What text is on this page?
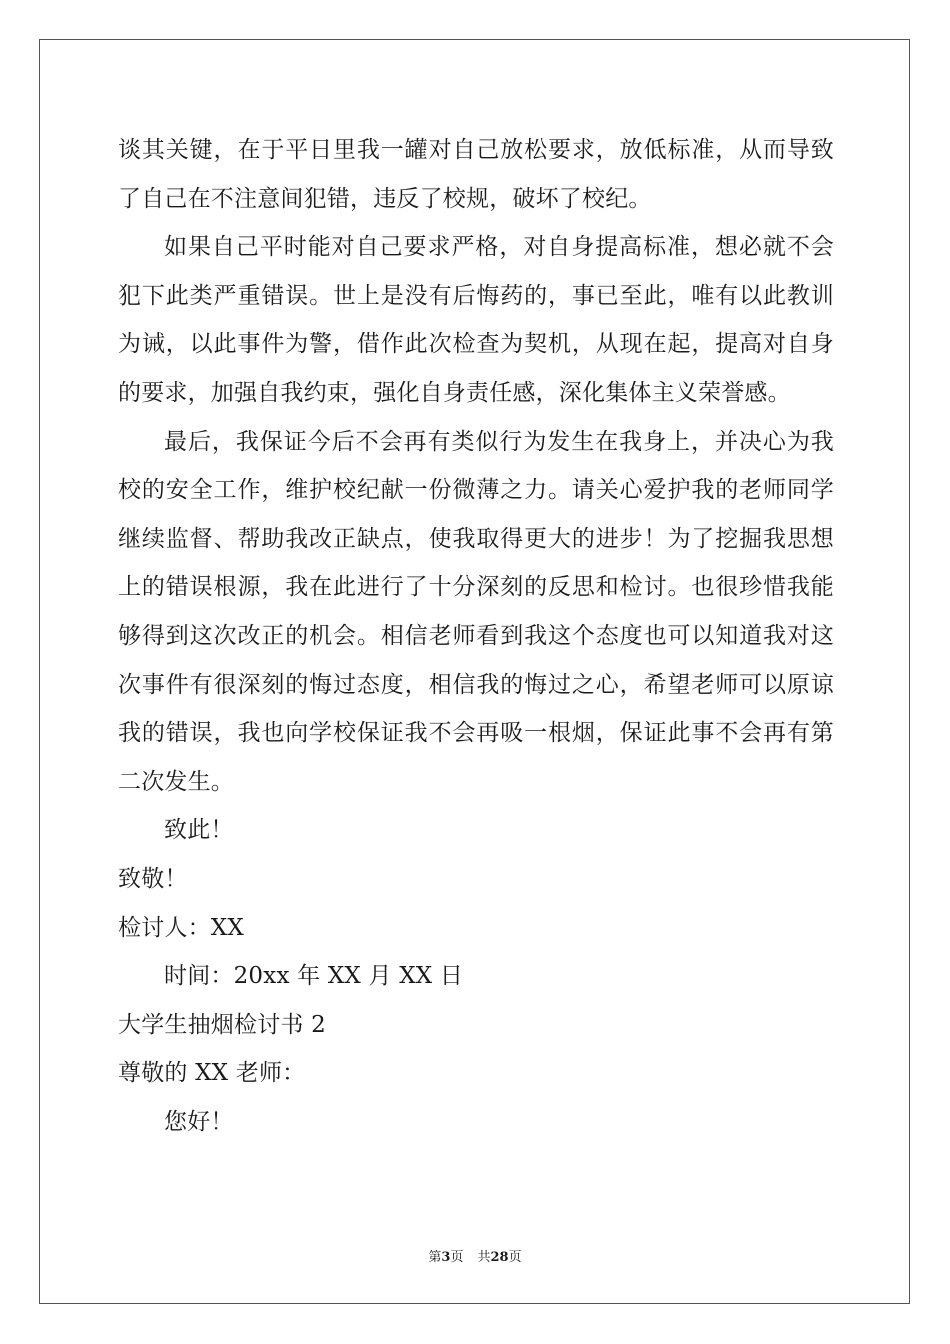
谈其关键，在于平日里我一罐对自己放松要求，放低标准，从而导致了自己在不注意间犯错，违反了校规，破坏了校纪。

如果自己平时能对自己要求严格，对自身提高标准，想必就不会犯下此类严重错误。世上是没有后悔药的，事已至此，唯有以此教训为诫，以此事件为警，借作此次检查为契机，从现在起，提高对自身的要求，加强自我约束，强化自身责任感，深化集体主义荣誉感。

最后，我保证今后不会再有类似行为发生在我身上，并决心为我校的安全工作，维护校纪献一份微薄之力。请关心爱护我的老师同学继续监督、帮助我改正缺点，使我取得更大的进步！为了挖掘我思想上的错误根源，我在此进行了十分深刻的反思和检讨。也很珍惜我能够得到这次改正的机会。相信老师看到我这个态度也可以知道我对这次事件有很深刻的悔过态度，相信我的悔过之心，希望老师可以原谅我的错误，我也向学校保证我不会再吸一根烟，保证此事不会再有第二次发生。

致此！

致敬！

检讨人：XX

时间：20xx 年 XX 月 XX 日

大学生抽烟检讨书 2

尊敬的 XX 老师：

您好！

第3页 共28页
